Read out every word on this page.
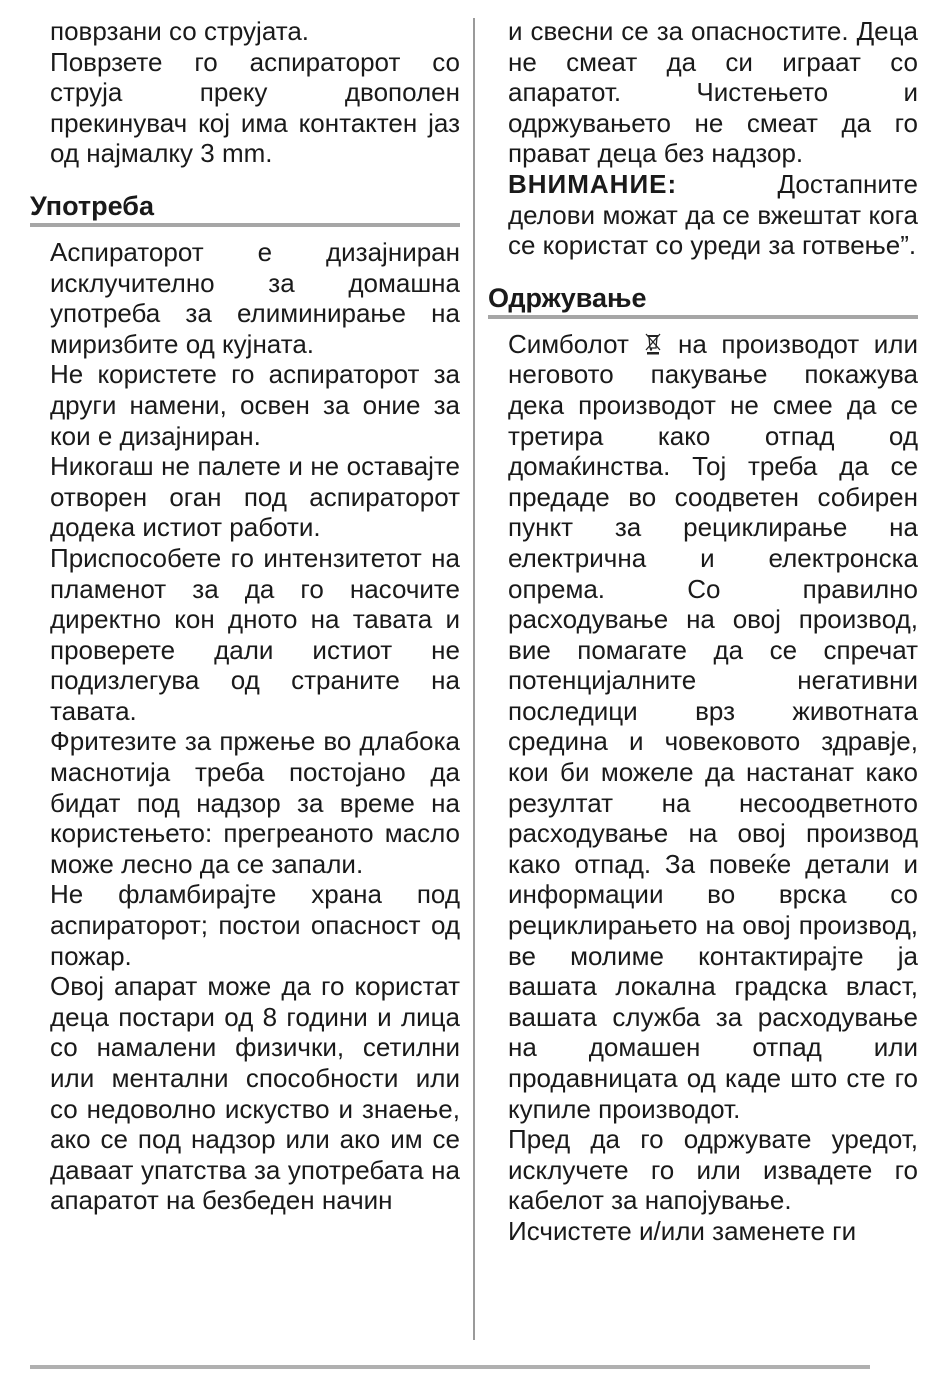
поврзани со струјата.

Поврзете го аспираторот со струја преку двополен прекинувач кој има контактен јаз од најмалку 3 mm.

Употреба

Аспираторот е дизајниран исклучително за домашна употреба за елиминирање на миризбите од кујната.

Не користете го аспираторот за други намени, освен за оние за кои е дизајниран.

Никогаш не палете и не оставајте отворен оган под аспираторот додека истиот работи.

Приспособете го интензитетот на пламенот за да го насочите директно кон дното на тавата и проверете дали истиот не подизлегува од страните на тавата.

Фритезите за пржење во длабока маснотија треба постојано да бидат под надзор за време на користењето: прегреаното масло може лесно да се запали.

Не фламбирајте храна под аспираторот; постои опасност од пожар.

Овој апарат може да го користат деца постари од 8 години и лица со намалени физички, сетилни или ментални способности или со недоволно искуство и знаење, ако се под надзор или ако им се даваат упатства за употребата на апаратот на безбеден начин

и свесни се за опасностите. Деца не смеат да си играат со апаратот. Чистењето и одржувањето не смеат да го прават деца без надзор.

ВНИМАНИЕ:	Достапните делови можат да се вжештат кога се користат со уреди за готвење”.

Одржување

Симболот на производот или неговото пакување покажува дека производот не смее да се третира како отпад од домаќинства. Тој треба да се предаде во соодветен собирен пункт за рециклирање на електрична и електронска опрема. Со правилно расходување на овој производ, вие помагате да се спречат потенцијалните негативни последици врз животната средина и човековото здравје, кои би можеле да настанат како резултат на несоодветното расходување на овој производ како отпад. За повеќе детали и информации во врска со рециклирањето на овој производ, ве молиме контактирајте ја вашата локална градска власт, вашата служба за расходување на домашен отпад или продавницата од каде што сте го купиле производот.

Пред да го одржувате уредот, исклучете го или извадете го кабелот за напојување.

Исчистете и/или заменете ги
